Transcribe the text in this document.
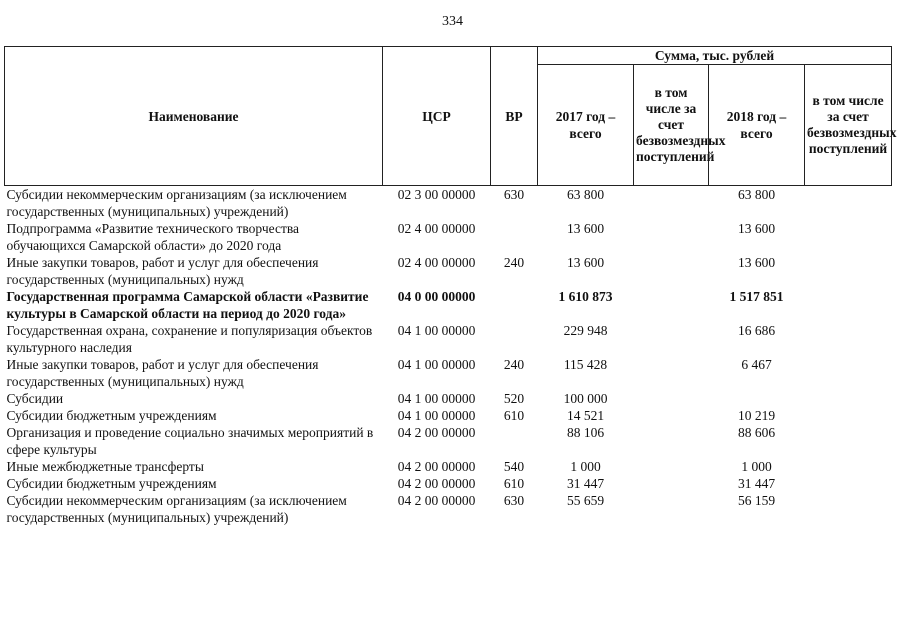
334
Наименование	ЦСР	ВР	Сумма, тыс. рублей			
			2017 год – всего	в том числе за счет безвозмездных поступлений	2018 год – всего	в том числе за счет безвозмездных поступлений
Субсидии некоммерческим организациям (за исключением государственных (муниципальных) учреждений)	02 3 00 00000	630	63 800		63 800	
Подпрограмма «Развитие технического творчества обучающихся Самарской области» до 2020 года	02 4 00 00000		13 600		13 600	
Иные закупки товаров, работ и услуг для обеспечения государственных (муниципальных) нужд	02 4 00 00000	240	13 600		13 600	
Государственная программа Самарской области «Развитие культуры в Самарской области на период до 2020 года»	04 0 00 00000		1 610 873		1 517 851	
Государственная охрана, сохранение и популяризация объектов культурного наследия	04 1 00 00000		229 948		16 686	
Иные закупки товаров, работ и услуг для обеспечения государственных (муниципальных) нужд	04 1 00 00000	240	115 428		6 467	
Субсидии	04 1 00 00000	520	100 000			
Субсидии бюджетным учреждениям	04 1 00 00000	610	14 521		10 219	
Организация и проведение социально значимых мероприятий в сфере культуры	04 2 00 00000		88 106		88 606	
Иные межбюджетные трансферты	04 2 00 00000	540	1 000		1 000	
Субсидии бюджетным учреждениям	04 2 00 00000	610	31 447		31 447	
Субсидии некоммерческим организациям (за исключением государственных (муниципальных) учреждений)	04 2 00 00000	630	55 659		56 159	
